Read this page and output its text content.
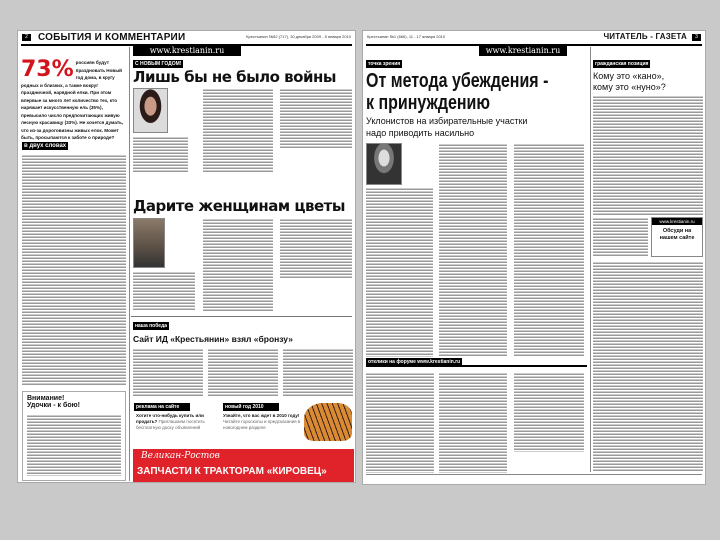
2	СОБЫТИЯ И КОММЕНТАРИИ	Крестьянин №52 (717), 30 декабря 2009 - 5 января 2010
www.krestianin.ru
73% россиян будут праздновать Новый год дома, в кругу родных и близких, а также вокруг праздничной, нарядной елки. При этом впервые за много лет количество тех, кто наряжает искусственную ель (35%), превысило число предпочитающих живую лесную красавицу (33%). Не хочется думать, что из-за дороговизны живых елок. Может быть, просыпаются к заботе о природе?
в двух словах
Внимание!
Удочки - к бою!
С НОВЫМ ГОДОМ!
Лишь бы не было войны
Дарите женщинам цветы
наша победа
Сайт ИД «Крестьянин» взял «бронзу»
реклама на сайте
Хотите что-нибудь купить или продать? Приглашаем посетить бесплатную доску объявлений
новый год 2010
Узнайте, что вас ждет в 2010 году! Читайте гороскопы и предсказания в новогоднем разделе
Великан-Ростов
ЗАПЧАСТИ К ТРАКТОРАМ «КИРОВЕЦ»
Крестьянин №1 (666), 11 - 17 января 2010	ЧИТАТЕЛЬ - ГАЗЕТА	3
www.krestianin.ru
точка зрения
От метода убеждения -
к принуждению
Уклонистов на избирательные участки
надо приводить насильно
отклики на форуме www.krestianin.ru
гражданская позиция
Кому это «кано»,
кому это «нуно»?
www.krestianin.ru
Обсуди на нашем сайте
